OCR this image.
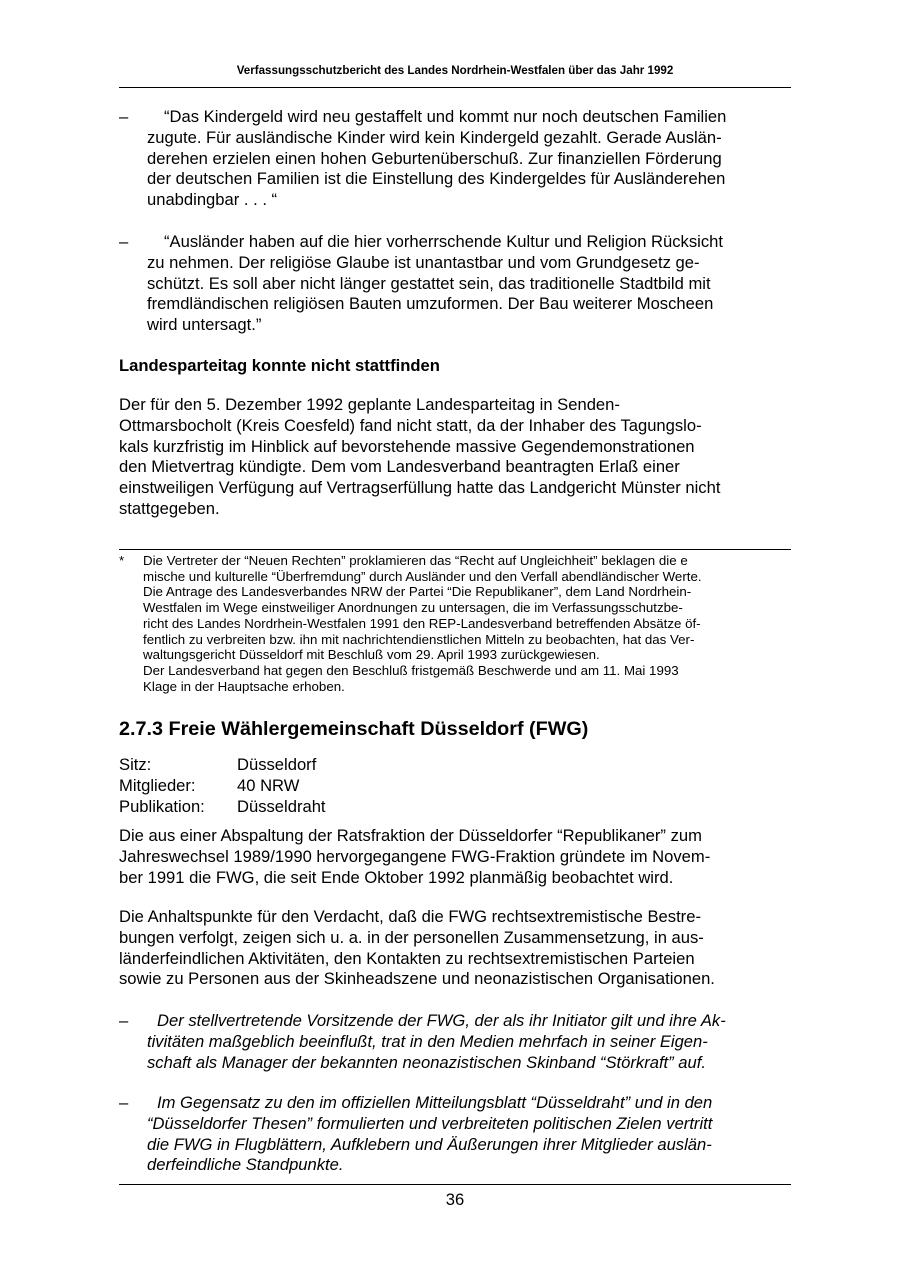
Verfassungsschutzbericht des Landes Nordrhein-Westfalen über das Jahr 1992
–	“Das Kindergeld wird neu gestaffelt und kommt nur noch deutschen Familien
zugute. Für ausländische Kinder wird kein Kindergeld gezahlt. Gerade Auslän-
derehen erzielen einen hohen Geburtenüberschuß. Zur finanziellen Förderung
der deutschen Familien ist die Einstellung des Kindergeldes für Ausländerehen
unabdingbar . . . “
–	“Ausländer haben auf die hier vorherrschende Kultur und Religion Rücksicht
zu nehmen. Der religiöse Glaube ist unantastbar und vom Grundgesetz ge-
schützt. Es soll aber nicht länger gestattet sein, das traditionelle Stadtbild mit
fremdländischen religiösen Bauten umzuformen. Der Bau weiterer Moscheen
wird untersagt.”
Landesparteitag konnte nicht stattfinden
Der für den 5. Dezember 1992 geplante Landesparteitag in Senden-
Ottmarsbocholt (Kreis Coesfeld) fand nicht statt, da der Inhaber des Tagungslo-
kals kurzfristig im Hinblick auf bevorstehende massive Gegendemonstrationen
den Mietvertrag kündigte. Dem vom Landesverband beantragten Erlaß einer
einstweiligen Verfügung auf Vertragserfüllung hatte das Landgericht Münster nicht
stattgegeben.
* Die Vertreter der “Neuen Rechten” proklamieren das “Recht auf Ungleichheit” beklagen die e
mische und kulturelle “Überfremdung” durch Ausländer und den Verfall abendländischer Werte.
Die Antrage des Landesverbandes NRW der Partei “Die Republikaner”, dem Land Nordrhein-
Westfalen im Wege einstweiliger Anordnungen zu untersagen, die im Verfassungsschutzbe-
richt des Landes Nordrhein-Westfalen 1991 den REP-Landesverband betreffenden Absätze öf-
fentlich zu verbreiten bzw. ihn mit nachrichtendienstlichen Mitteln zu beobachten, hat das Ver-
waltungsgericht Düsseldorf mit Beschluß vom 29. April 1993 zurückgewiesen.
Der Landesverband hat gegen den Beschluß fristgemäß Beschwerde und am 11. Mai 1993
Klage in der Hauptsache erhoben.
2.7.3 Freie Wählergemeinschaft Düsseldorf (FWG)
Sitz:	Düsseldorf
Mitglieder:	40 NRW
Publikation:	Düsseldraht
Die aus einer Abspaltung der Ratsfraktion der Düsseldorfer “Republikaner” zum
Jahreswechsel 1989/1990 hervorgegangene FWG-Fraktion gründete im Novem-
ber 1991 die FWG, die seit Ende Oktober 1992 planmäßig beobachtet wird.
Die Anhaltspunkte für den Verdacht, daß die FWG rechtsextremistische Bestre-
bungen verfolgt, zeigen sich u. a. in der personellen Zusammensetzung, in aus-
länderfeindlichen Aktivitäten, den Kontakten zu rechtsextremistischen Parteien
sowie zu Personen aus der Skinheadszene und neonazistischen Organisationen.
–	Der stellvertretende Vorsitzende der FWG, der als ihr Initiator gilt und ihre Ak-
tivitäten maßgeblich beeinflußt, trat in den Medien mehrfach in seiner Eigen-
schaft als Manager der bekannten neonazistischen Skinband “Störkraft” auf.
–	Im Gegensatz zu den im offiziellen Mitteilungsblatt “Düsseldraht” und in den
“Düsseldorfer Thesen” formulierten und verbreiteten politischen Zielen vertritt
die FWG in Flugblättern, Aufklebern und Äußerungen ihrer Mitglieder auslän-
derfeindliche Standpunkte.
36
